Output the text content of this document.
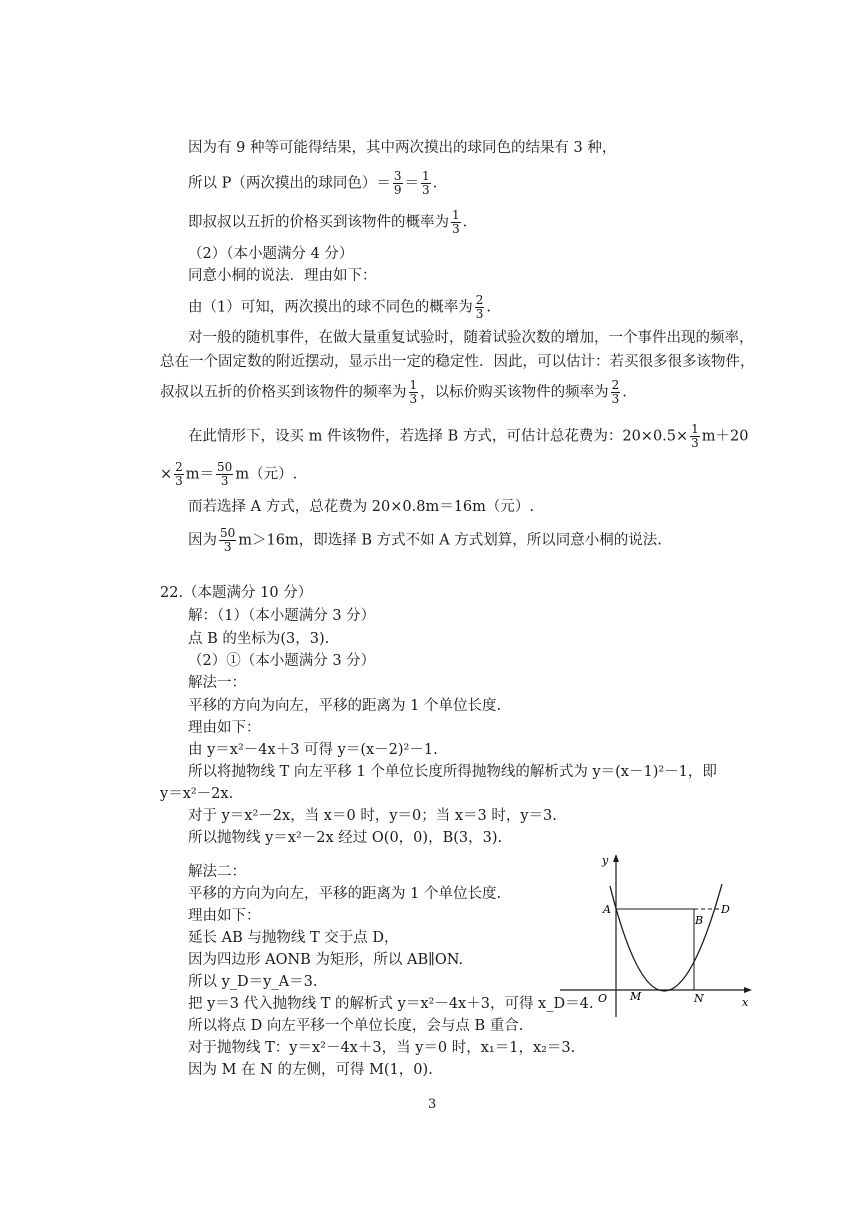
因为有 9 种等可能得结果，其中两次摸出的球同色的结果有 3 种，
所以 P（两次摸出的球同色）＝ $\frac{3}{9} = \frac{1}{3}$ .
即叔叔以五折的价格买到该物件的概率为 $\frac{1}{3}$ .
（2）（本小题满分 4 分）
同意小桐的说法．理由如下：
由（1）可知，两次摸出的球不同色的概率为 $\frac{2}{3}$ .
对一般的随机事件，在做大量重复试验时，随着试验次数的增加，一个事件出现的频率，
总在一个固定数的附近摆动，显示出一定的稳定性．因此，可以估计：若买很多很多该物件，
叔叔以五折的价格买到该物件的频率为 $\frac{1}{3}$ ，以标价购买该物件的频率为 $\frac{2}{3}$ .
在此情形下，设买 m 件该物件，若选择 B 方式，可估计总花费为：$20\times 0.5\times \frac{1}{3} m+20$
× $\frac{2}{3} m= \frac{50}{3} m$（元）.
而若选择 A 方式，总花费为 20×0.8m＝16m（元）.
因为 $\frac{50}{3} m>16m$，即选择 B 方式不如 A 方式划算，所以同意小桐的说法.
22.（本题满分 10 分）
解：（1）（本小题满分 3 分）
点 B 的坐标为(3，3).
（2）①（本小题满分 3 分）
解法一：
平移的方向为向左，平移的距离为 1 个单位长度.
理由如下：
由 y＝x²－4x＋3 可得 y＝(x－2)²－1.
所以将抛物线 T 向左平移 1 个单位长度所得抛物线的解析式为 y＝(x－1)²－1，即
y＝x²－2x.
对于 y＝x²－2x，当 x＝0 时，y＝0；当 x＝3 时，y＝3.
所以抛物线 y＝x²－2x 经过 O(0，0)，B(3，3).
解法二：
平移的方向为向左，平移的距离为 1 个单位长度.
理由如下：
延长 AB 与抛物线 T 交于点 D，
因为四边形 AONB 为矩形，所以 AB∥ON.
所以 y_D＝y_A＝3.
把 y＝3 代入抛物线 T 的解析式 y＝x²－4x＋3，可得 x_D＝4.
所以将点 D 向左平移一个单位长度，会与点 B 重合.
对于抛物线 T：y＝x²－4x＋3，当 y＝0 时，x₁＝1，x₂＝3.
因为 M 在 N 的左侧，可得 M(1，0).
y
x
O
A
B
D
M	N
3
